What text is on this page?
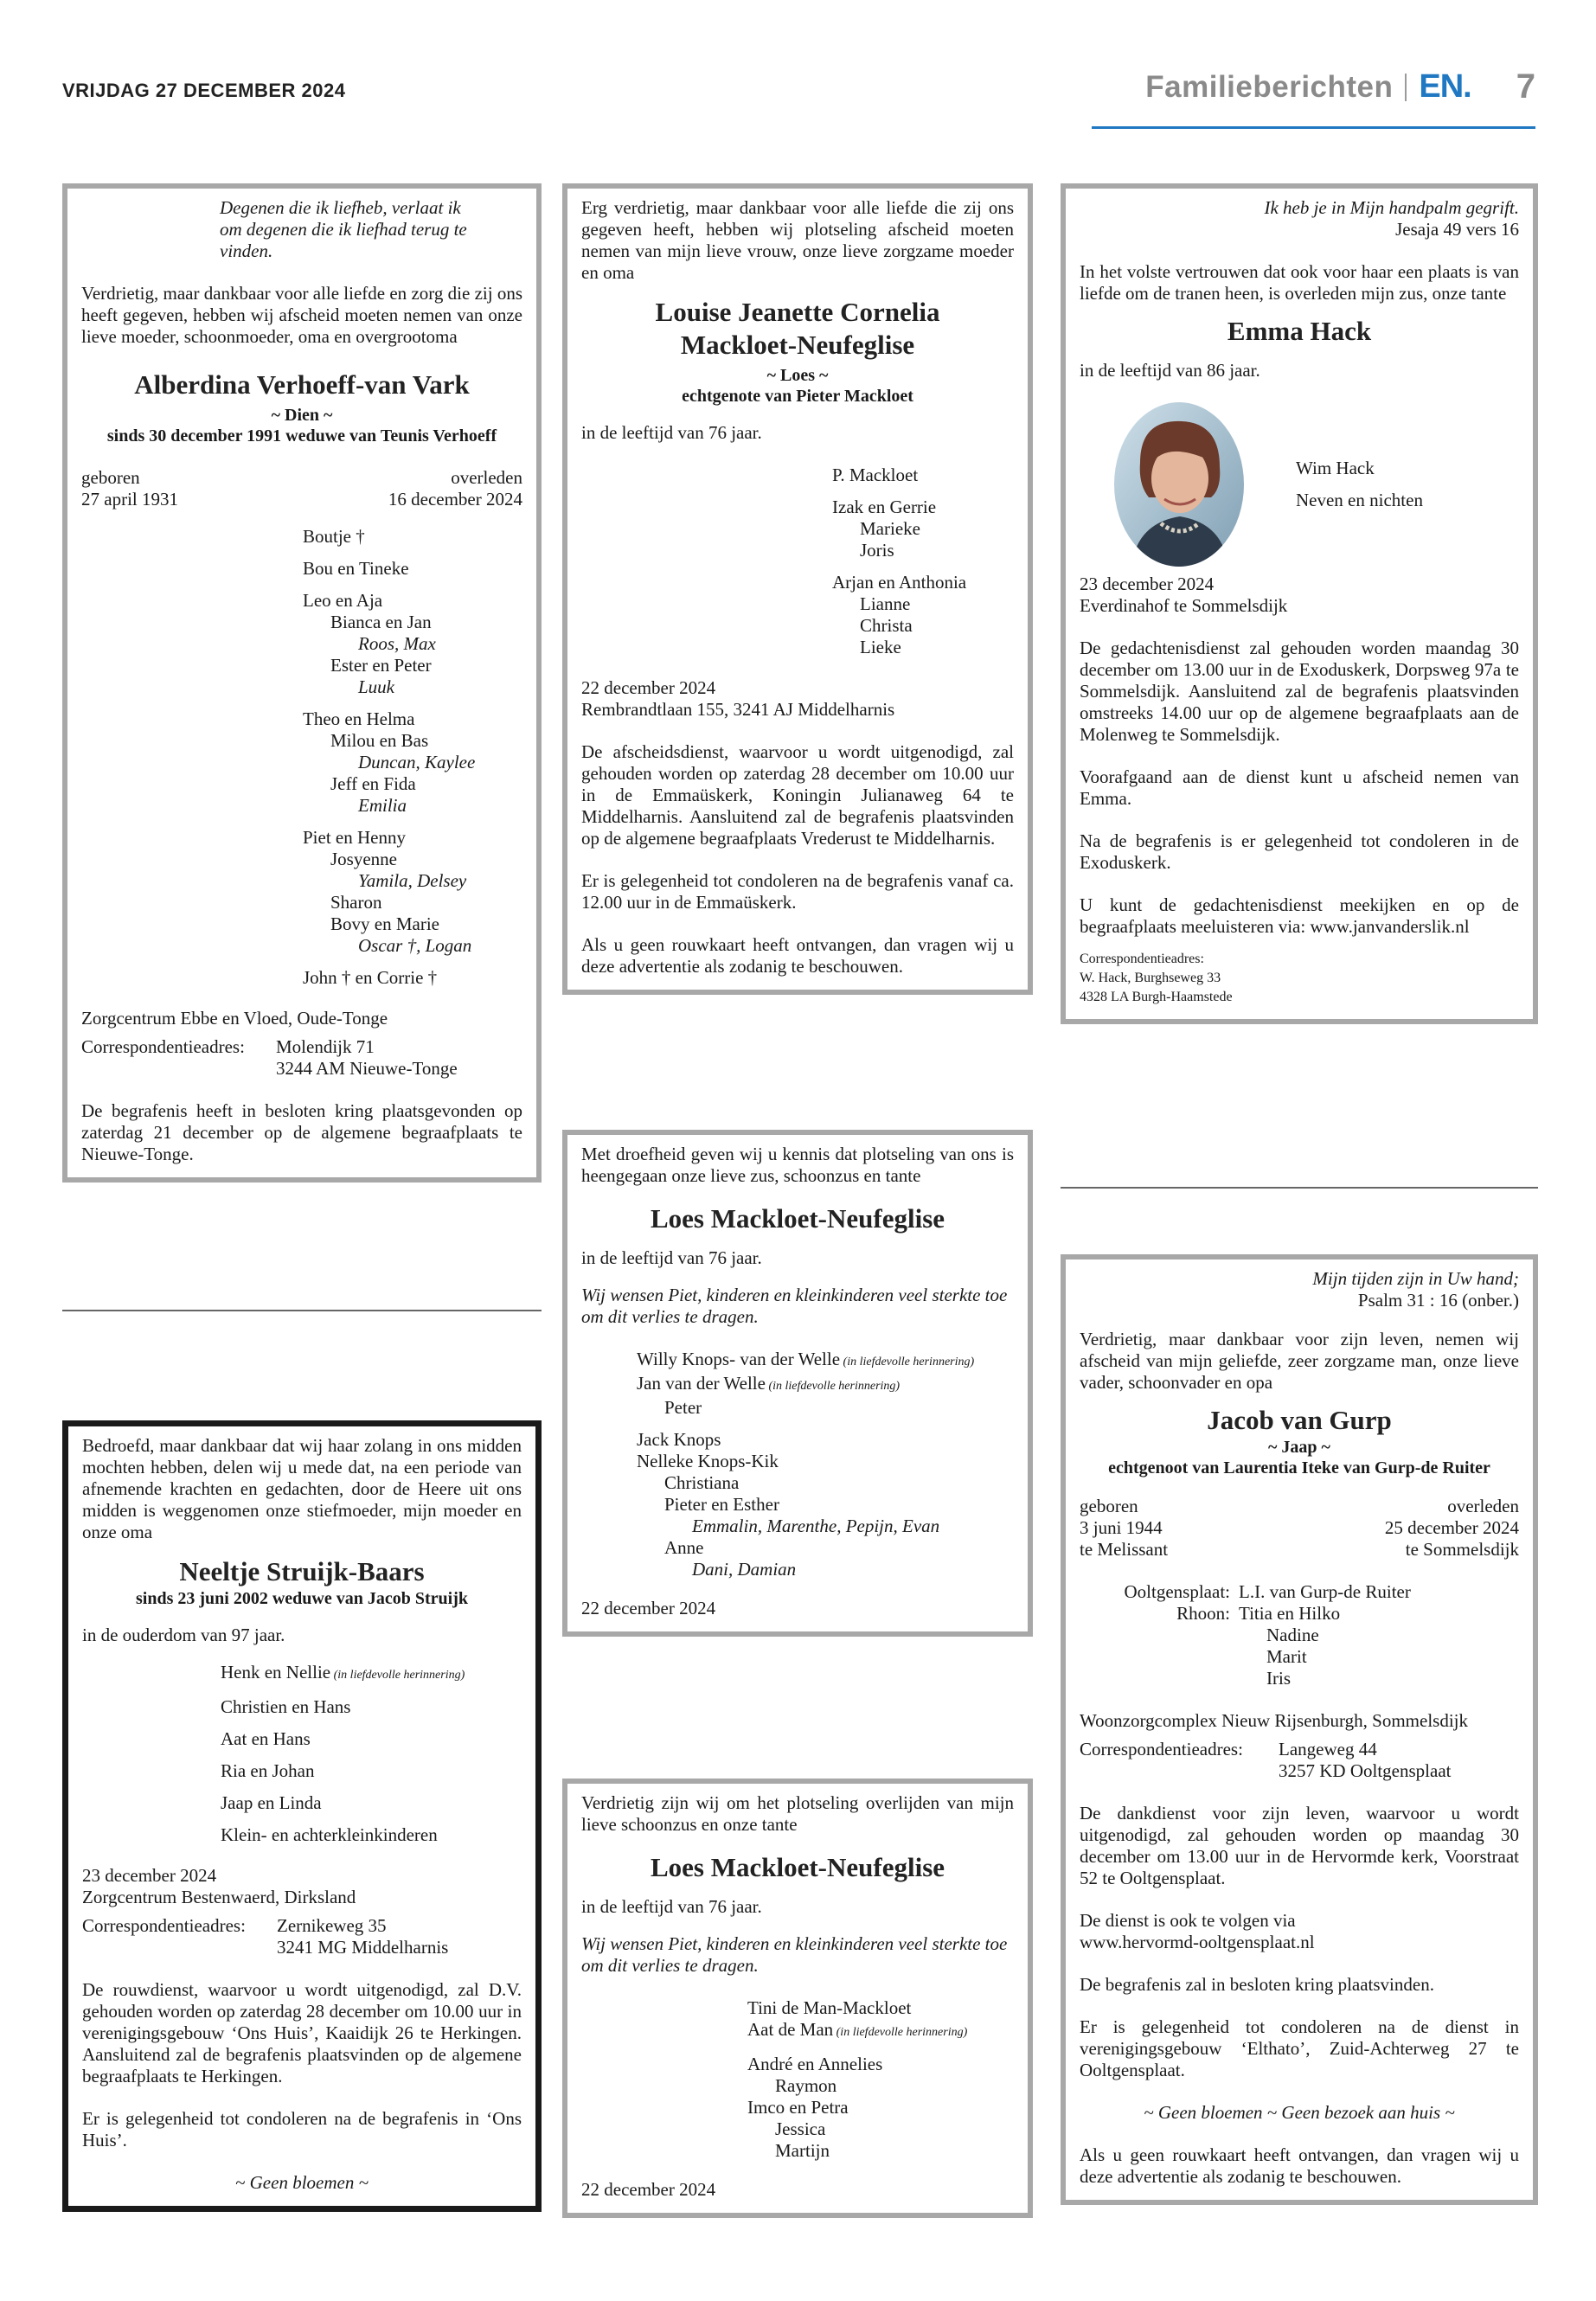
VRIJDAG 27 DECEMBER 2024	Familieberichten EN. 7
Degenen die ik liefheb, verlaat ik
om degenen die ik liefhad terug te vinden.

Verdrietig, maar dankbaar voor alle liefde en zorg die zij ons heeft gegeven, hebben wij afscheid moeten nemen van onze lieve moeder, schoonmoeder, oma en overgrootoma

Alberdina Verhoeff-van Vark
~ Dien ~
sinds 30 december 1991 weduwe van Teunis Verhoeff
geboren
27 april 1931
overleden
16 december 2024
Boutje †
Bou en Tineke
Leo en Aja
Bianca en Jan
Roos, Max
Ester en Peter
Luuk
Theo en Helma
Milou en Bas
Duncan, Kaylee
Jeff en Fida
Emilia
Piet en Henny
Josyenne
Yamila, Delsey
Sharon
Bovy en Marie
Oscar †, Logan
John † en Corrie †

Zorgcentrum Ebbe en Vloed, Oude-Tonge

Correspondentieadres:	Molendijk 71
3244 AM Nieuwe-Tonge

De begrafenis heeft in besloten kring plaatsgevonden op zaterdag 21 december op de algemene begraafplaats te Nieuwe-Tonge.

Erg verdrietig, maar dankbaar voor alle liefde die zij ons gegeven heeft, hebben wij plotseling afscheid moeten nemen van mijn lieve vrouw, onze lieve zorgzame moeder en oma

Louise Jeanette Cornelia
Mackloet-Neufeglise
~ Loes ~
echtgenote van Pieter Mackloet

in de leeftijd van 76 jaar.

P. Mackloet
Izak en Gerrie
Marieke
Joris
Arjan en Anthonia
Lianne
Christa
Lieke
22 december 2024

Rembrandtlaan 155, 3241 AJ Middelharnis

De afscheidsdienst, waarvoor u wordt uitgenodigd, zal gehouden worden op zaterdag 28 december om 10.00 uur in de Emmaüskerk, Koningin Julianaweg 64 te Middelharnis. Aansluitend zal de begrafenis plaatsvinden op de algemene begraafplaats Vrederust te Middelharnis.

Er is gelegenheid tot condoleren na de begrafenis vanaf ca. 12.00 uur in de Emmaüskerk.

Als u geen rouwkaart heeft ontvangen, dan vragen wij u deze advertentie als zodanig te beschouwen.

Ik heb je in Mijn handpalm gegrift.
Jesaja 49 vers 16

In het volste vertrouwen dat ook voor haar een plaats is van liefde om de tranen heen, is overleden mijn zus, onze tante

Emma Hack

in de leeftijd van 86 jaar.

Wim Hack
Neven en nichten
23 december 2024

Everdinahof te Sommelsdijk

De gedachtenisdienst zal gehouden worden maandag 30 december om 13.00 uur in de Exoduskerk, Dorpsweg 97a te Sommelsdijk. Aansluitend zal de begrafenis plaatsvinden omstreeks 14.00 uur op de algemene begraafplaats aan de Molenweg te Sommelsdijk.

Voorafgaand aan de dienst kunt u afscheid nemen van Emma.

Na de begrafenis is er gelegenheid tot condoleren in de Exoduskerk.

U kunt de gedachtenisdienst meekijken en op de begraafplaats meeluisteren via: www.janvanderslik.nl

Correspondentieadres:
W. Hack, Burghseweg 33
4328 LA Burgh-Haamstede

Met droefheid geven wij u kennis dat plotseling van ons is heengegaan onze lieve zus, schoonzus en tante

Loes Mackloet-Neufeglise

in de leeftijd van 76 jaar.

Wij wensen Piet, kinderen en kleinkinderen veel sterkte toe om dit verlies te dragen.

Willy Knops- van der Welle (in liefdevolle herinnering)
Jan van der Welle (in liefdevolle herinnering)
Peter
Jack Knops
Nelleke Knops-Kik
Christiana
Pieter en Esther
Emmalin, Marenthe, Pepijn, Evan
Anne
Dani, Damian
22 december 2024

Verdrietig zijn wij om het plotseling overlijden van mijn lieve schoonzus en onze tante

Loes Mackloet-Neufeglise

in de leeftijd van 76 jaar.

Wij wensen Piet, kinderen en kleinkinderen veel sterkte toe om dit verlies te dragen.

Tini de Man-Mackloet
Aat de Man (in liefdevolle herinnering)
André en Annelies
Raymon
Imco en Petra
Jessica
Martijn
22 december 2024

Bedroefd, maar dankbaar dat wij haar zolang in ons midden mochten hebben, delen wij u mede dat, na een periode van afnemende krachten en gedachten, door de Heere uit ons midden is weggenomen onze stiefmoeder, mijn moeder en onze oma

Neeltje Struijk-Baars
sinds 23 juni 2002 weduwe van Jacob Struijk

in de ouderdom van 97 jaar.

Henk en Nellie (in liefdevolle herinnering)
Christien en Hans
Aat en Hans
Ria en Johan
Jaap en Linda
Klein- en achterkleinkinderen
23 december 2024

Zorgcentrum Bestenwaerd, Dirksland

Correspondentieadres:	Zernikeweg 35
3241 MG Middelharnis

De rouwdienst, waarvoor u wordt uitgenodigd, zal D.V. gehouden worden op zaterdag 28 december om 10.00 uur in verenigingsgebouw ‘Ons Huis’, Kaaidijk 26 te Herkingen. Aansluitend zal de begrafenis plaatsvinden op de algemene begraafplaats te Herkingen.

Er is gelegenheid tot condoleren na de begrafenis in ‘Ons Huis’.

~ Geen bloemen ~
Mijn tijden zijn in Uw hand;
Psalm 31 : 16 (onber.)

Verdrietig, maar dankbaar voor zijn leven, nemen wij afscheid van mijn geliefde, zeer zorgzame man, onze lieve vader, schoonvader en opa

Jacob van Gurp
~ Jaap ~
echtgenoot van Laurentia Iteke van Gurp-de Ruiter
geboren
3 juni 1944
te Melissant
overleden
25 december 2024
te Sommelsdijk
Ooltgensplaat: L.I. van Gurp-de Ruiter
Rhoon: Titia en Hilko
Nadine
Marit
Iris

Woonzorgcomplex Nieuw Rijsenburgh, Sommelsdijk

Correspondentieadres:	Langeweg 44
3257 KD Ooltgensplaat

De dankdienst voor zijn leven, waarvoor u wordt uitgenodigd, zal gehouden worden op maandag 30 december om 13.00 uur in de Hervormde kerk, Voorstraat 52 te Ooltgensplaat.

De dienst is ook te volgen via

www.hervormd-ooltgensplaat.nl

De begrafenis zal in besloten kring plaatsvinden.

Er is gelegenheid tot condoleren na de dienst in verenigingsgebouw ‘Elthato’, Zuid-Achterweg 27 te Ooltgensplaat.

~ Geen bloemen ~ Geen bezoek aan huis ~

Als u geen rouwkaart heeft ontvangen, dan vragen wij u deze advertentie als zodanig te beschouwen.
